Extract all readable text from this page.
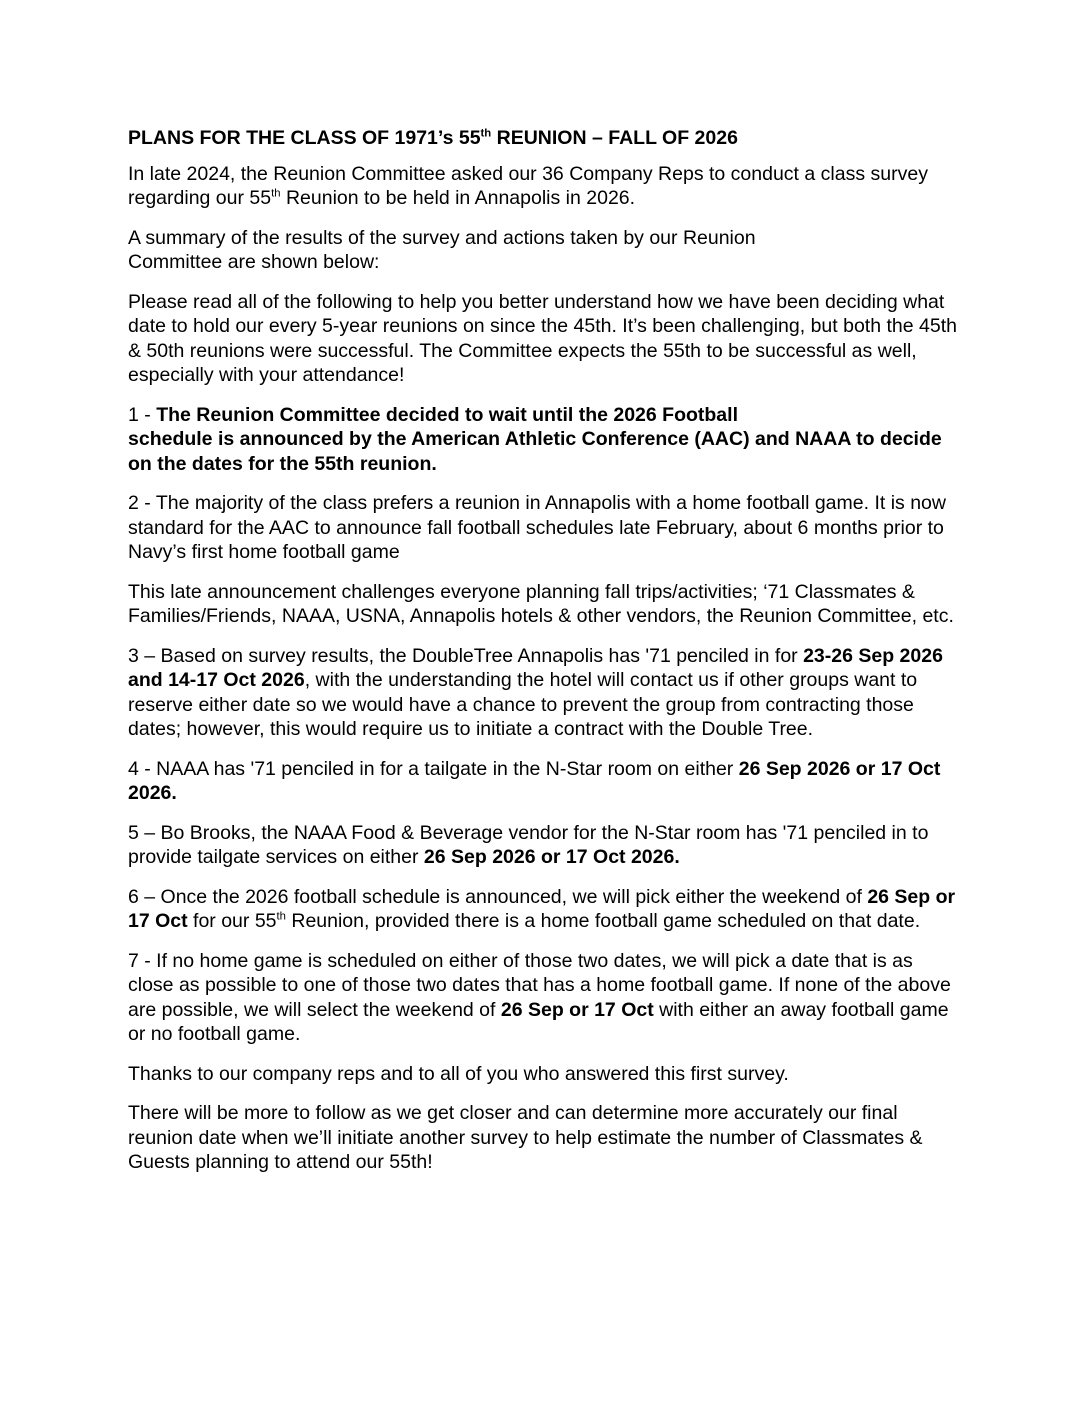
PLANS FOR THE CLASS OF 1971’s 55th REUNION – FALL OF 2026

In late 2024, the Reunion Committee asked our 36 Company Reps to conduct a class survey
regarding our 55th Reunion to be held in Annapolis in 2026.

A summary of the results of the survey and actions taken by our Reunion
Committee are shown below:

Please read all of the following to help you better understand how we have been deciding what
date to hold our every 5-year reunions on since the 45th. It’s been challenging, but both the 45th
& 50th reunions were successful. The Committee expects the 55th to be successful as well,
especially with your attendance!

1 - The Reunion Committee decided to wait until the 2026 Football
schedule is announced by the American Athletic Conference (AAC) and NAAA to decide
on the dates for the 55th reunion.

2 - The majority of the class prefers a reunion in Annapolis with a home football game. It is now
standard for the AAC to announce fall football schedules late February, about 6 months prior to
Navy’s first home football game

This late announcement challenges everyone planning fall trips/activities; ‘71 Classmates &
Families/Friends, NAAA, USNA, Annapolis hotels & other vendors, the Reunion Committee, etc.

3 – Based on survey results, the DoubleTree Annapolis has '71 penciled in for 23-26 Sep 2026
and 14-17 Oct 2026, with the understanding the hotel will contact us if other groups want to
reserve either date so we would have a chance to prevent the group from contracting those
dates; however, this would require us to initiate a contract with the Double Tree.

4 - NAAA has '71 penciled in for a tailgate in the N-Star room on either 26 Sep 2026 or 17 Oct
2026.

5 – Bo Brooks, the NAAA Food & Beverage vendor for the N-Star room has '71 penciled in to
provide tailgate services on either 26 Sep 2026 or 17 Oct 2026.

6 – Once the 2026 football schedule is announced, we will pick either the weekend of 26 Sep or
17 Oct for our 55th Reunion, provided there is a home football game scheduled on that date.

7 - If no home game is scheduled on either of those two dates, we will pick a date that is as
close as possible to one of those two dates that has a home football game. If none of the above
are possible, we will select the weekend of 26 Sep or 17 Oct with either an away football game
or no football game.

Thanks to our company reps and to all of you who answered this first survey.

There will be more to follow as we get closer and can determine more accurately our final
reunion date when we’ll initiate another survey to help estimate the number of Classmates &
Guests planning to attend our 55th!
